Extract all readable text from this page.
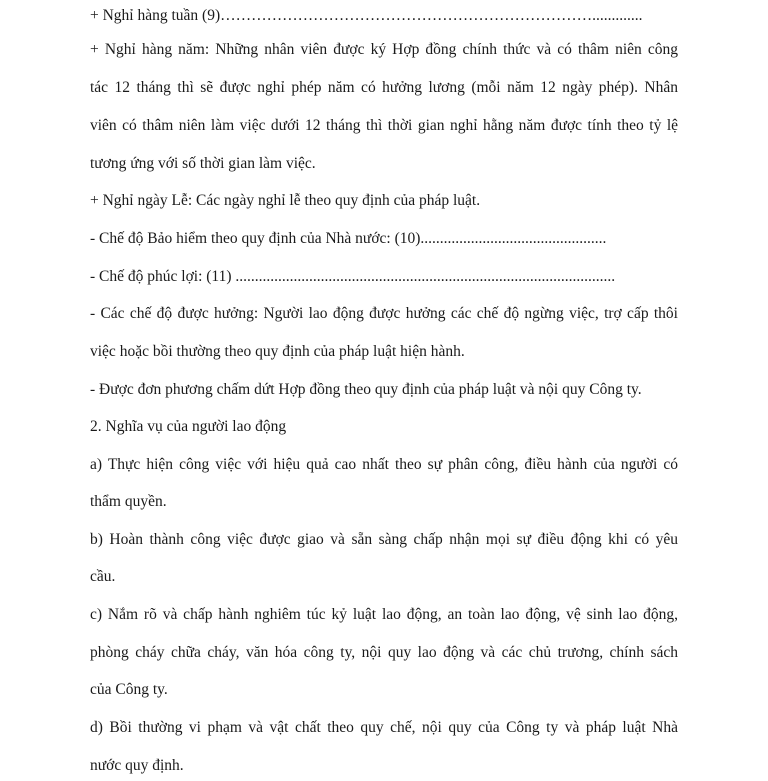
+ Nghỉ hàng tuần (9)……………………………………………………………….............
+ Nghỉ hàng năm: Những nhân viên được ký Hợp đồng chính thức và có thâm niên công
tác 12 tháng thì sẽ được nghỉ phép năm có hưởng lương (mỗi năm 12 ngày phép). Nhân
viên có thâm niên làm việc dưới 12 tháng thì thời gian nghỉ hằng năm được tính theo tỷ lệ
tương ứng với số thời gian làm việc.
+ Nghỉ ngày Lễ: Các ngày nghỉ lễ theo quy định của pháp luật.
- Chế độ Bảo hiểm theo quy định của Nhà nước: (10)................................................
- Chế độ phúc lợi: (11) ..................................................................................................
- Các chế độ được hưởng: Người lao động được hưởng các chế độ ngừng việc, trợ cấp thôi
việc hoặc bồi thường theo quy định của pháp luật hiện hành.
- Được đơn phương chấm dứt Hợp đồng theo quy định của pháp luật và nội quy Công ty.
2. Nghĩa vụ của người lao động
a) Thực hiện công việc với hiệu quả cao nhất theo sự phân công, điều hành của người có
thẩm quyền.
b) Hoàn thành công việc được giao và sẵn sàng chấp nhận mọi sự điều động khi có yêu
cầu.
c) Nắm rõ và chấp hành nghiêm túc kỷ luật lao động, an toàn lao động, vệ sinh lao động,
phòng cháy chữa cháy, văn hóa công ty, nội quy lao động và các chủ trương, chính sách
của Công ty.
d) Bồi thường vi phạm và vật chất theo quy chế, nội quy của Công ty và pháp luật Nhà
nước quy định.
